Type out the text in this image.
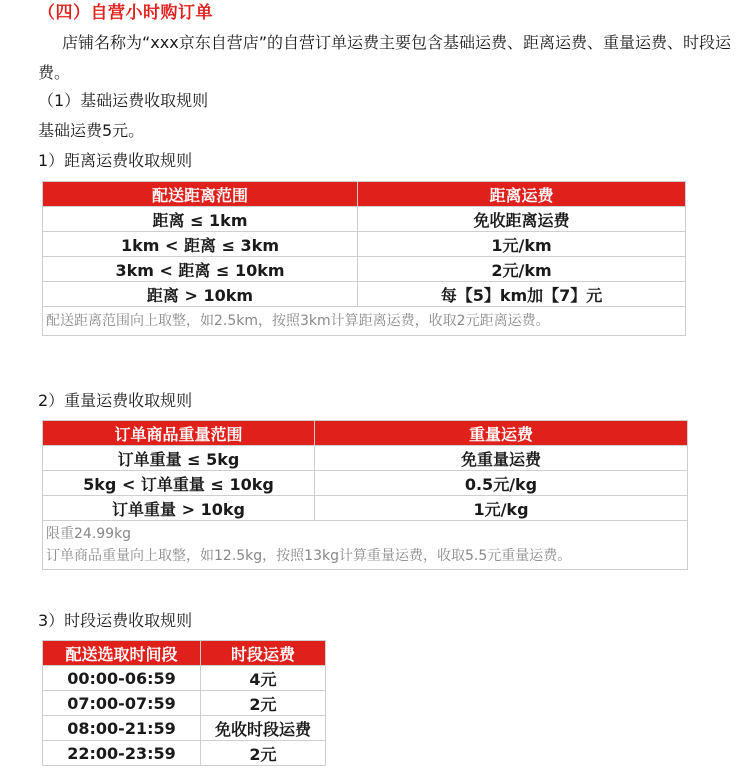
（四）自营小时购订单
店铺名称为“xxx京东自营店”的自营订单运费主要包含基础运费、距离运费、重量运费、时段运费。
（1）基础运费收取规则
基础运费5元。
1）距离运费收取规则
配送距离范围	距离运费
距离 ≤ 1km	免收距离运费
1km < 距离 ≤ 3km	1元/km
3km < 距离 ≤ 10km	2元/km
距离 > 10km	每【5】km加【7】元
配送距离范围向上取整，如2.5km，按照3km计算距离运费，收取2元距离运费。	
2）重量运费收取规则
订单商品重量范围	重量运费
订单重量 ≤ 5kg	免重量运费
5kg < 订单重量 ≤ 10kg	0.5元/kg
订单重量 > 10kg	1元/kg

限重24.99kg
订单商品重量向上取整，如12.5kg，按照13kg计算重量运费，收取5.5元重量运费。	
3）时段运费收取规则
配送选取时间段	时段运费
00:00-06:59	4元
07:00-07:59	2元
08:00-21:59	免收时段运费
22:00-23:59	2元
